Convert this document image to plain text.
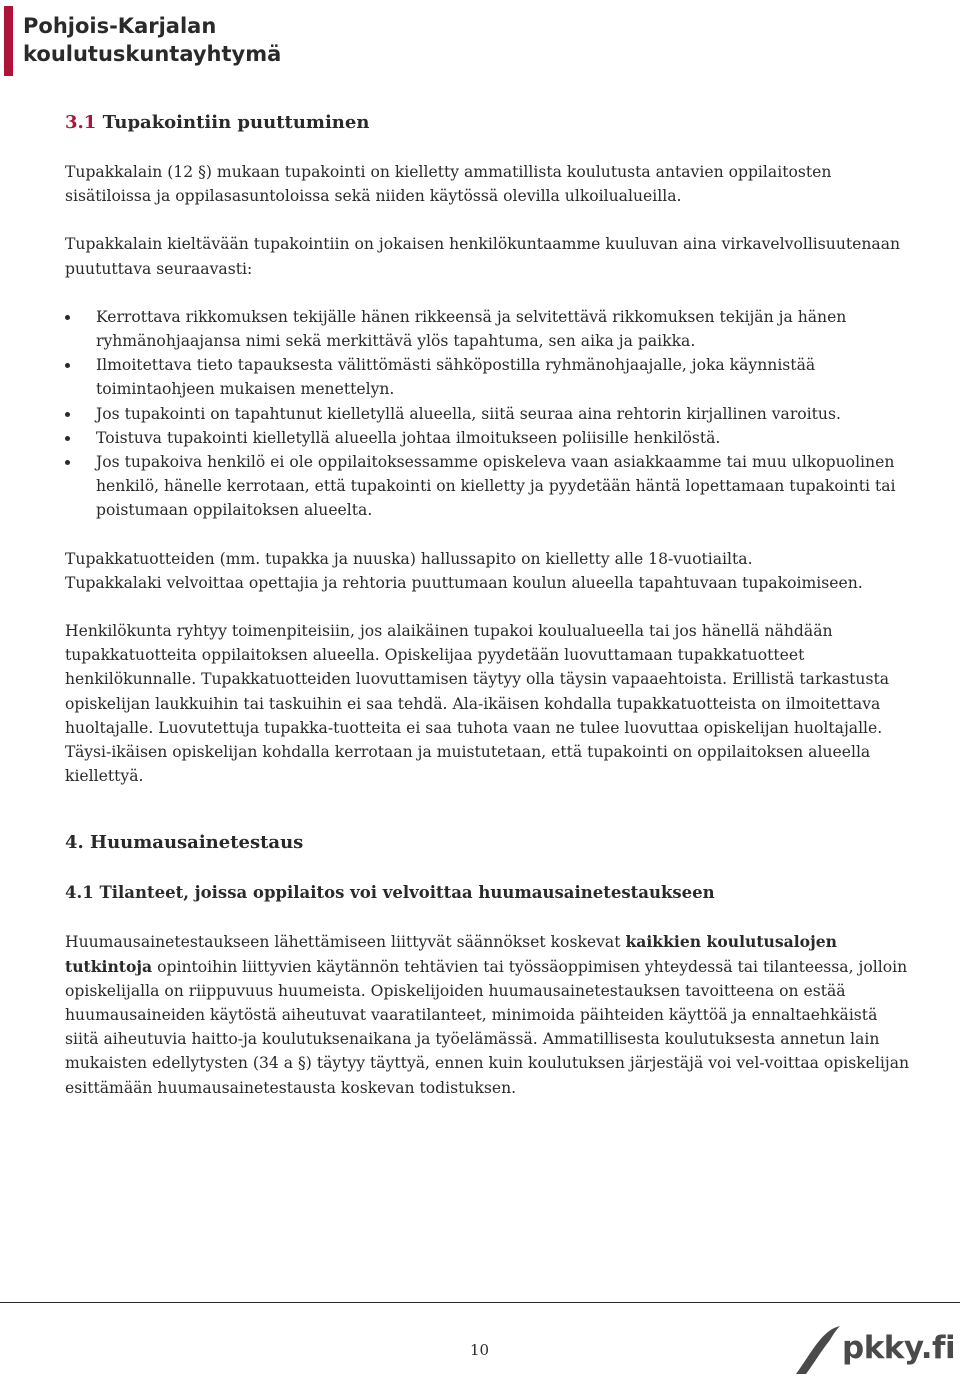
Pohjois-Karjalan
koulutuskuntayhtymä
3.1 Tupakointiin puuttuminen

Tupakkalain (12 §) mukaan tupakointi on kielletty ammatillista koulutusta antavien oppilaitosten sisätiloissa ja oppilasasuntoloissa sekä niiden käytössä olevilla ulkoilualueilla.

Tupakkalain kieltävään tupakointiin on jokaisen henkilökuntaamme kuuluvan aina virkavelvollisuutenaan puututtava seuraavasti:

Kerrottava rikkomuksen tekijälle hänen rikkeensä ja selvitettävä rikkomuksen tekijän ja hänen ryhmänohjaajansa nimi sekä merkittävä ylös tapahtuma, sen aika ja paikka.
Ilmoitettava tieto tapauksesta välittömästi sähköpostilla ryhmänohjaajalle, joka käynnistää toimintaohjeen mukaisen menettelyn.
Jos tupakointi on tapahtunut kielletyllä alueella, siitä seuraa aina rehtorin kirjallinen varoitus.
Toistuva tupakointi kielletyllä alueella johtaa ilmoitukseen poliisille henkilöstä.
Jos tupakoiva henkilö ei ole oppilaitoksessamme opiskeleva vaan asiakkaamme tai muu ulkopuolinen henkilö, hänelle kerrotaan, että tupakointi on kielletty ja pyydetään häntä lopettamaan tupakointi tai poistumaan oppilaitoksen alueelta.

Tupakkatuotteiden (mm. tupakka ja nuuska) hallussapito on kielletty alle 18-vuotiailta.
Tupakkalaki velvoittaa opettajia ja rehtoria puuttumaan koulun alueella tapahtuvaan tupakoimiseen.

Henkilökunta ryhtyy toimenpiteisiin, jos alaikäinen tupakoi koulualueella tai jos hänellä nähdään tupakkatuotteita oppilaitoksen alueella. Opiskelijaa pyydetään luovuttamaan tupakkatuotteet henkilökunnalle. Tupakkatuotteiden luovuttamisen täytyy olla täysin vapaaehtoista. Erillistä tarkastusta opiskelijan laukkuihin tai taskuihin ei saa tehdä. Ala-ikäisen kohdalla tupakkatuotteista on ilmoitettava huoltajalle. Luovutettuja tupakka-tuotteita ei saa tuhota vaan ne tulee luovuttaa opiskelijan huoltajalle. Täysi-ikäisen opiskelijan kohdalla kerrotaan ja muistutetaan, että tupakointi on oppilaitoksen alueella kiellettyä.

4. Huumausainetestaus
4.1 Tilanteet, joissa oppilaitos voi velvoittaa huumausainetestaukseen

Huumausainetestaukseen lähettämiseen liittyvät säännökset koskevat kaikkien koulutusalojen tutkintoja opintoihin liittyvien käytännön tehtävien tai työssäoppimisen yhteydessä tai tilanteessa, jolloin opiskelijalla on riippuvuus huumeista. Opiskelijoiden huumausainetestauksen tavoitteena on estää huumausaineiden käytöstä aiheutuvat vaaratilanteet, minimoida päihteiden käyttöä ja ennaltaehkäistä siitä aiheutuvia haitto-ja koulutuksenaikana ja työelämässä. Ammatillisesta koulutuksesta annetun lain mukaisten edellytysten (34 a §) täytyy täyttyä, ennen kuin koulutuksen järjestäjä voi vel-voittaa opiskelijan esittämään huumausainetestausta koskevan todistuksen.

10	pkky.fi
